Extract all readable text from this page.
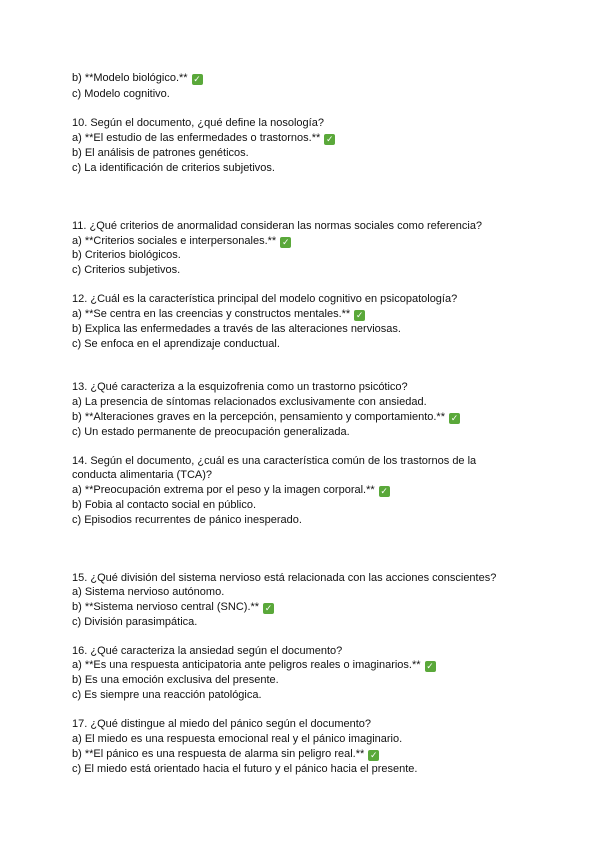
b) **Modelo biológico.** ✓
c) Modelo cognitivo.
10. Según el documento, ¿qué define la nosología?
a) **El estudio de las enfermedades o trastornos.** ✓
b) El análisis de patrones genéticos.
c) La identificación de criterios subjetivos.
11. ¿Qué criterios de anormalidad consideran las normas sociales como referencia?
a) **Criterios sociales e interpersonales.** ✓
b) Criterios biológicos.
c) Criterios subjetivos.
12. ¿Cuál es la característica principal del modelo cognitivo en psicopatología?
a) **Se centra en las creencias y constructos mentales.** ✓
b) Explica las enfermedades a través de las alteraciones nerviosas.
c) Se enfoca en el aprendizaje conductual.
13. ¿Qué caracteriza a la esquizofrenia como un trastorno psicótico?
a) La presencia de síntomas relacionados exclusivamente con ansiedad.
b) **Alteraciones graves en la percepción, pensamiento y comportamiento.** ✓
c) Un estado permanente de preocupación generalizada.
14. Según el documento, ¿cuál es una característica común de los trastornos de la
conducta alimentaria (TCA)?
a) **Preocupación extrema por el peso y la imagen corporal.** ✓
b) Fobia al contacto social en público.
c) Episodios recurrentes de pánico inesperado.
15. ¿Qué división del sistema nervioso está relacionada con las acciones conscientes?
a) Sistema nervioso autónomo.
b) **Sistema nervioso central (SNC).** ✓
c) División parasimpática.
16. ¿Qué caracteriza la ansiedad según el documento?
a) **Es una respuesta anticipatoria ante peligros reales o imaginarios.** ✓
b) Es una emoción exclusiva del presente.
c) Es siempre una reacción patológica.
17. ¿Qué distingue al miedo del pánico según el documento?
a) El miedo es una respuesta emocional real y el pánico imaginario.
b) **El pánico es una respuesta de alarma sin peligro real.** ✓
c) El miedo está orientado hacia el futuro y el pánico hacia el presente.
